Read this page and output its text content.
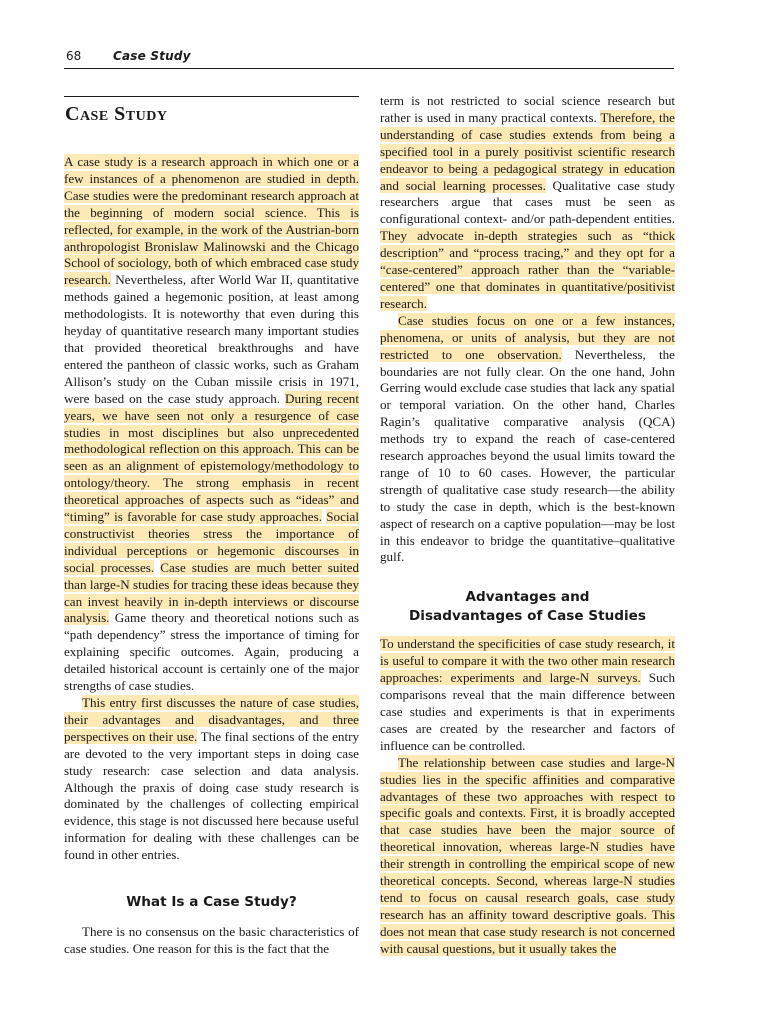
68	Case Study
Case Study

A case study is a research approach in which one or a few instances of a phenomenon are studied in depth. Case studies were the predominant research approach at the beginning of modern social science. This is reflected, for example, in the work of the Austrian-born anthropologist Bronislaw Malinowski and the Chicago School of sociology, both of which embraced case study research. Nevertheless, after World War II, quantitative methods gained a hegemonic position, at least among methodologists. It is noteworthy that even during this heyday of quantitative research many important studies that provided theoretical breakthroughs and have entered the pantheon of classic works, such as Graham Allison’s study on the Cuban missile crisis in 1971, were based on the case study approach. During recent years, we have seen not only a resurgence of case studies in most disciplines but also unprecedented methodological reflection on this approach. This can be seen as an alignment of epistemology/methodology to ontology/theory. The strong emphasis in recent theoretical approaches of aspects such as “ideas” and “timing” is favorable for case study approaches. Social constructivist theories stress the importance of individual perceptions or hegemonic discourses in social processes. Case studies are much better suited than large-N studies for tracing these ideas because they can invest heavily in in-depth interviews or discourse analysis. Game theory and theoretical notions such as “path dependency” stress the importance of timing for explaining specific outcomes. Again, producing a detailed historical account is certainly one of the major strengths of case studies.

This entry first discusses the nature of case studies, their advantages and disadvantages, and three perspectives on their use. The final sections of the entry are devoted to the very important steps in doing case study research: case selection and data analysis. Although the praxis of doing case study research is dominated by the challenges of collecting empirical evidence, this stage is not discussed here because useful information for dealing with these challenges can be found in other entries.

What Is a Case Study?

There is no consensus on the basic characteristics of case studies. One reason for this is the fact that the

term is not restricted to social science research but rather is used in many practical contexts. Therefore, the understanding of case studies extends from being a specified tool in a purely positivist scientific research endeavor to being a pedagogical strategy in education and social learning processes. Qualitative case study researchers argue that cases must be seen as configurational context- and/or path-dependent entities. They advocate in-depth strategies such as “thick description” and “process tracing,” and they opt for a “case-centered” approach rather than the “variable-centered” one that dominates in quantitative/positivist research.

Case studies focus on one or a few instances, phenomena, or units of analysis, but they are not restricted to one observation. Nevertheless, the boundaries are not fully clear. On the one hand, John Gerring would exclude case studies that lack any spatial or temporal variation. On the other hand, Charles Ragin’s qualitative comparative analysis (QCA) methods try to expand the reach of case-centered research approaches beyond the usual limits toward the range of 10 to 60 cases. However, the particular strength of qualitative case study research—the ability to study the case in depth, which is the best-known aspect of research on a captive population—may be lost in this endeavor to bridge the quantitative–qualitative gulf.

Advantages and
Disadvantages of Case Studies

To understand the specificities of case study research, it is useful to compare it with the two other main research approaches: experiments and large-N surveys. Such comparisons reveal that the main difference between case studies and experiments is that in experiments cases are created by the researcher and factors of influence can be controlled.

The relationship between case studies and large-N studies lies in the specific affinities and comparative advantages of these two approaches with respect to specific goals and contexts. First, it is broadly accepted that case studies have been the major source of theoretical innovation, whereas large-N studies have their strength in controlling the empirical scope of new theoretical concepts. Second, whereas large-N studies tend to focus on causal research goals, case study research has an affinity toward descriptive goals. This does not mean that case study research is not concerned with causal questions, but it usually takes the
